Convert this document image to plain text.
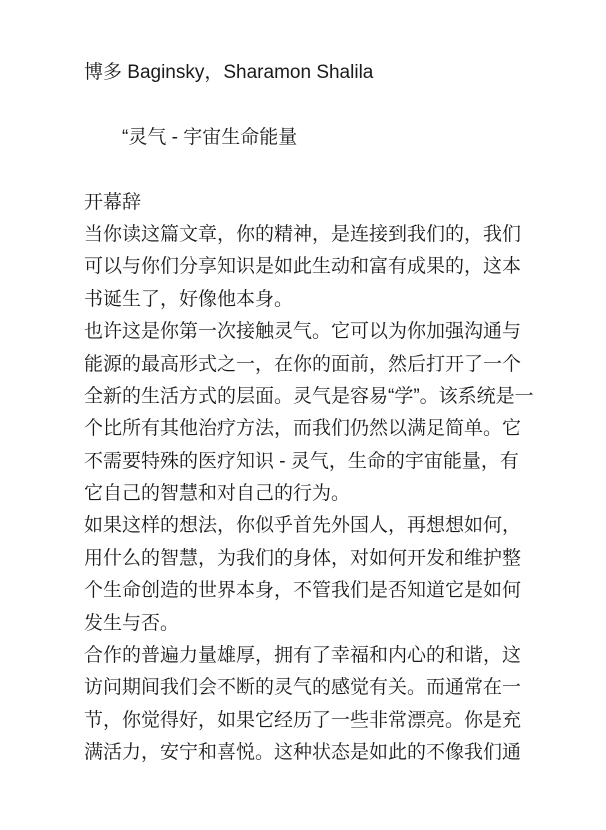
博多 Baginsky，Sharamon Shalila
“灵气 - 宇宙生命能量
开幕辞
当你读这篇文章，你的精神，是连接到我们的，我们
可以与你们分享知识是如此生动和富有成果的，这本
书诞生了，好像他本身。
也许这是你第一次接触灵气。它可以为你加强沟通与
能源的最高形式之一，在你的面前，然后打开了一个
全新的生活方式的层面。灵气是容易“学”。该系统是一
个比所有其他治疗方法，而我们仍然以满足简单。它
不需要特殊的医疗知识 - 灵气，生命的宇宙能量，有
它自己的智慧和对自己的行为。
如果这样的想法，你似乎首先外国人，再想想如何，
用什么的智慧，为我们的身体，对如何开发和维护整
个生命创造的世界本身，不管我们是否知道它是如何
发生与否。
合作的普遍力量雄厚，拥有了幸福和内心的和谐，这
访问期间我们会不断的灵气的感觉有关。而通常在一
节，你觉得好，如果它经历了一些非常漂亮。你是充
满活力，安宁和喜悦。这种状态是如此的不像我们通
